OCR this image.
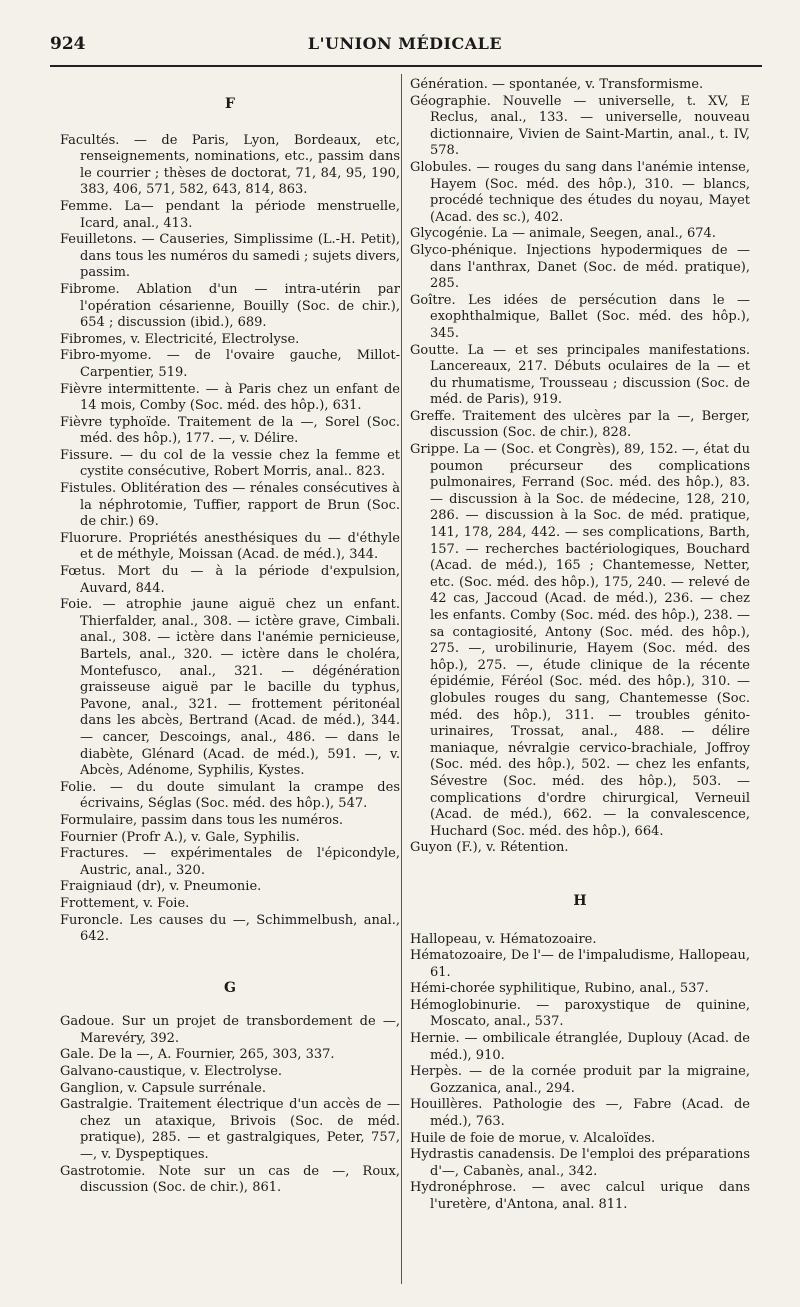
924	L'UNION MÉDICALE

F

Facultés. — de Paris, Lyon, Bordeaux, etc, renseignements, nominations, etc., passim dans le courrier ; thèses de doctorat, 71, 84, 95, 190, 383, 406, 571, 582, 643, 814, 863.

Femme. La— pendant la période menstruelle, Icard, anal., 413.

Feuilletons. — Causeries, Simplissime (L.-H. Petit), dans tous les numéros du samedi ; sujets divers, passim.

Fibrome. Ablation d'un — intra-utérin par l'opération césarienne, Bouilly (Soc. de chir.), 654 ; discussion (ibid.), 689.

Fibromes, v. Electricité, Electrolyse.

Fibro-myome. — de l'ovaire gauche, Millot-Carpentier, 519.

Fièvre intermittente. — à Paris chez un enfant de 14 mois, Comby (Soc. méd. des hôp.), 631.

Fièvre typhoïde. Traitement de la —, Sorel (Soc. méd. des hôp.), 177. —, v. Délire.

Fissure. — du col de la vessie chez la femme et cystite consécutive, Robert Morris, anal.. 823.

Fistules. Oblitération des — rénales consécutives à la néphrotomie, Tuffier, rapport de Brun (Soc. de chir.) 69.

Fluorure. Propriétés anesthésiques du — d'éthyle et de méthyle, Moissan (Acad. de méd.), 344.

Fœtus. Mort du — à la période d'expulsion, Auvard, 844.

Foie. — atrophie jaune aiguë chez un enfant. Thierfalder, anal., 308. — ictère grave, Cimbali. anal., 308. — ictère dans l'anémie pernicieuse, Bartels, anal., 320. — ictère dans le choléra, Montefusco, anal., 321. — dégénération graisseuse aiguë par le bacille du typhus, Pavone, anal., 321. — frottement péritonéal dans les abcès, Bertrand (Acad. de méd.), 344. — cancer, Descoings, anal., 486. — dans le diabète, Glénard (Acad. de méd.), 591. —, v. Abcès, Adénome, Syphilis, Kystes.

Folie. — du doute simulant la crampe des écrivains, Séglas (Soc. méd. des hôp.), 547.

Formulaire, passim dans tous les numéros.

Fournier (Profr A.), v. Gale, Syphilis.

Fractures. — expérimentales de l'épicondyle, Austric, anal., 320.

Fraigniaud (dr), v. Pneumonie.

Frottement, v. Foie.

Furoncle. Les causes du —, Schimmelbush, anal., 642.

G

Gadoue. Sur un projet de transbordement de —, Marevéry, 392.

Gale. De la —, A. Fournier, 265, 303, 337.

Galvano-caustique, v. Electrolyse.

Ganglion, v. Capsule surrénale.

Gastralgie. Traitement électrique d'un accès de — chez un ataxique, Brivois (Soc. de méd. pratique), 285. — et gastralgiques, Peter, 757, —, v. Dyspeptiques.

Gastrotomie. Note sur un cas de —, Roux, discussion (Soc. de chir.), 861.

Génération. — spontanée, v. Transformisme.

Géographie. Nouvelle — universelle, t. XV, E Reclus, anal., 133. — universelle, nouveau dictionnaire, Vivien de Saint-Martin, anal., t. IV, 578.

Globules. — rouges du sang dans l'anémie intense, Hayem (Soc. méd. des hôp.), 310. — blancs, procédé technique des études du noyau, Mayet (Acad. des sc.), 402.

Glycogénie. La — animale, Seegen, anal., 674.

Glyco-phénique. Injections hypodermiques de — dans l'anthrax, Danet (Soc. de méd. pratique), 285.

Goître. Les idées de persécution dans le — exophthalmique, Ballet (Soc. méd. des hôp.), 345.

Goutte. La — et ses principales manifestations. Lancereaux, 217. Débuts oculaires de la — et du rhumatisme, Trousseau ; discussion (Soc. de méd. de Paris), 919.

Greffe. Traitement des ulcères par la —, Berger, discussion (Soc. de chir.), 828.

Grippe. La — (Soc. et Congrès), 89, 152. —, état du poumon précurseur des complications pulmonaires, Ferrand (Soc. méd. des hôp.), 83. — discussion à la Soc. de médecine, 128, 210, 286. — discussion à la Soc. de méd. pratique, 141, 178, 284, 442. — ses complications, Barth, 157. — recherches bactériologiques, Bouchard (Acad. de méd.), 165 ; Chantemesse, Netter, etc. (Soc. méd. des hôp.), 175, 240. — relevé de 42 cas, Jaccoud (Acad. de méd.), 236. — chez les enfants. Comby (Soc. méd. des hôp.), 238. — sa contagiosité, Antony (Soc. méd. des hôp.), 275. —, urobilinurie, Hayem (Soc. méd. des hôp.), 275. —, étude clinique de la récente épidémie, Féréol (Soc. méd. des hôp.), 310. — globules rouges du sang, Chantemesse (Soc. méd. des hôp.), 311. — troubles génito-urinaires, Trossat, anal., 488. — délire maniaque, névralgie cervico-brachiale, Joffroy (Soc. méd. des hôp.), 502. — chez les enfants, Sévestre (Soc. méd. des hôp.), 503. — complications d'ordre chirurgical, Verneuil (Acad. de méd.), 662. — la convalescence, Huchard (Soc. méd. des hôp.), 664.

Guyon (F.), v. Rétention.

H

Hallopeau, v. Hématozoaire.

Hématozoaire, De l'— de l'impaludisme, Hallopeau, 61.

Hémi-chorée syphilitique, Rubino, anal., 537.

Hémoglobinurie. — paroxystique de quinine, Moscato, anal., 537.

Hernie. — ombilicale étranglée, Duplouy (Acad. de méd.), 910.

Herpès. — de la cornée produit par la migraine, Gozzanica, anal., 294.

Houillères. Pathologie des —, Fabre (Acad. de méd.), 763.

Huile de foie de morue, v. Alcaloïdes.

Hydrastis canadensis. De l'emploi des préparations d'—, Cabanès, anal., 342.

Hydronéphrose. — avec calcul urique dans l'uretère, d'Antona, anal. 811.
